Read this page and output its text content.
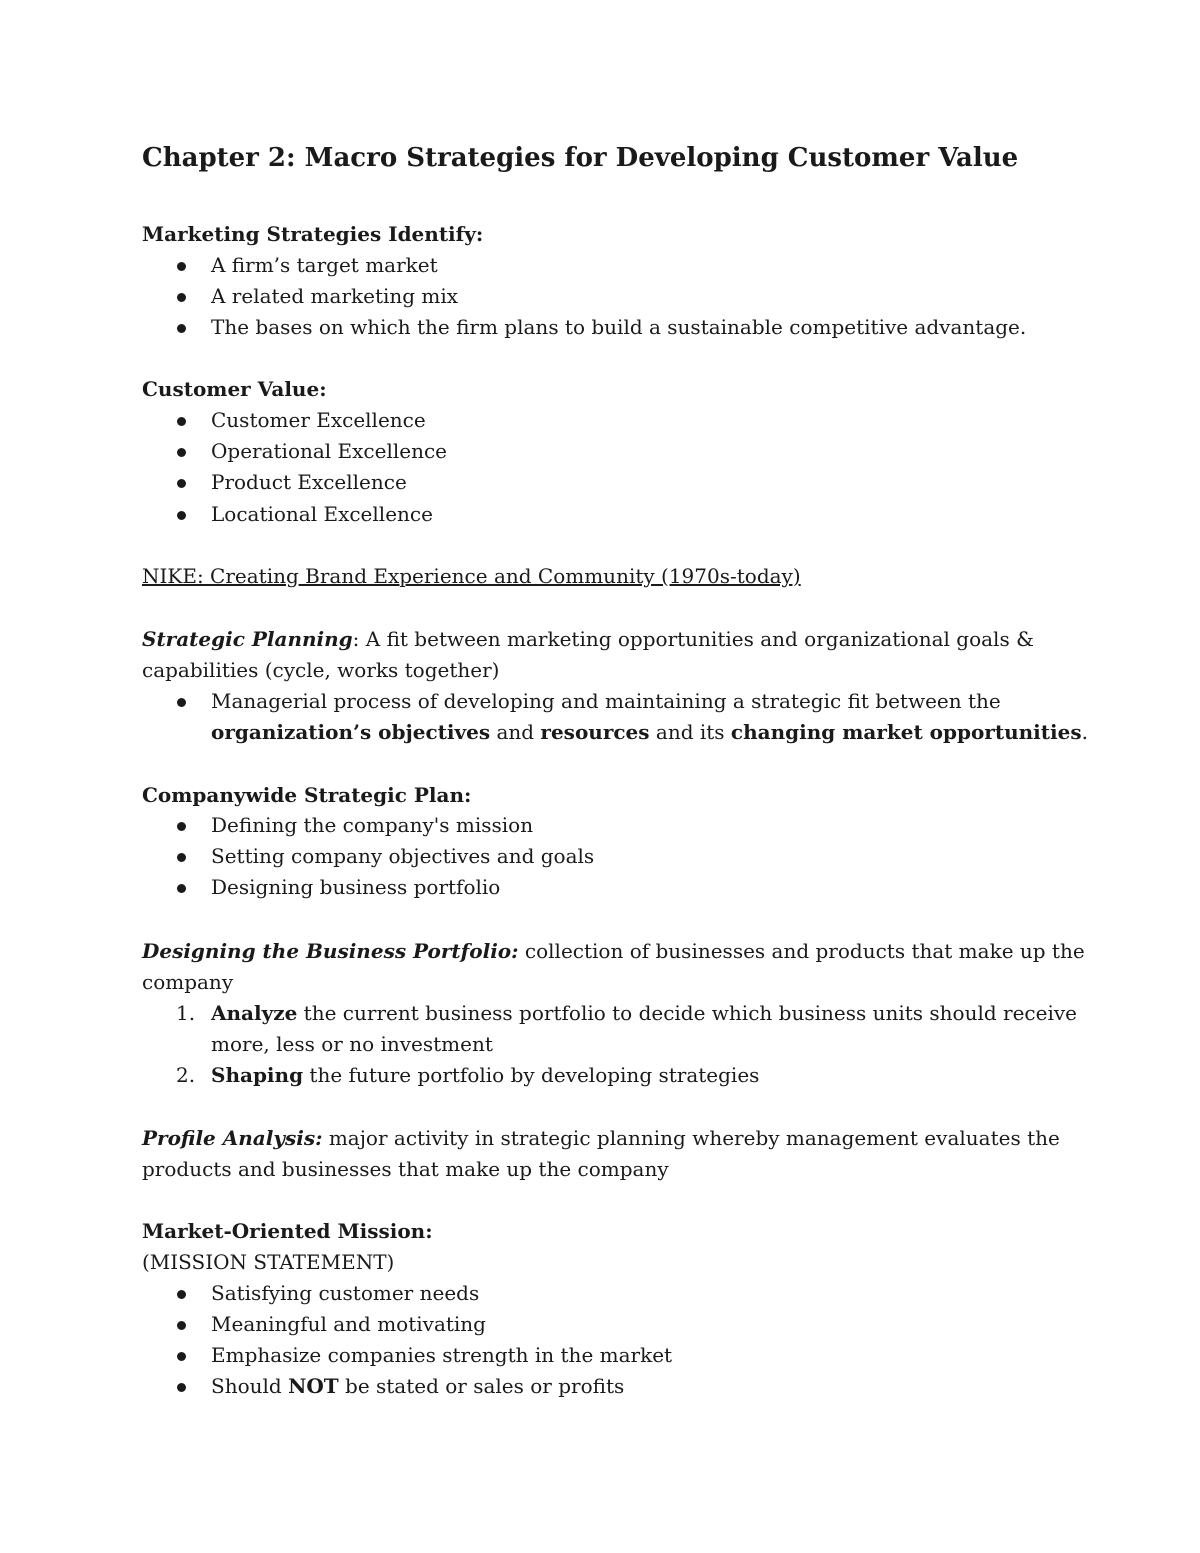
Chapter 2: Macro Strategies for Developing Customer Value
Marketing Strategies Identify:
A firm’s target market
A related marketing mix
The bases on which the firm plans to build a sustainable competitive advantage.
Customer Value:
Customer Excellence
Operational Excellence
Product Excellence
Locational Excellence
NIKE: Creating Brand Experience and Community (1970s-today)
Strategic Planning: A fit between marketing opportunities and organizational goals &
capabilities (cycle, works together)
Managerial process of developing and maintaining a strategic fit between the
organization’s objectives and resources and its changing market opportunities.
Companywide Strategic Plan:
Defining the company's mission
Setting company objectives and goals
Designing business portfolio
Designing the Business Portfolio: collection of businesses and products that make up the
company
1. Analyze the current business portfolio to decide which business units should receive
more, less or no investment
2. Shaping the future portfolio by developing strategies
Profile Analysis: major activity in strategic planning whereby management evaluates the
products and businesses that make up the company
Market-Oriented Mission:
(MISSION STATEMENT)
Satisfying customer needs
Meaningful and motivating
Emphasize companies strength in the market
Should NOT be stated or sales or profits
